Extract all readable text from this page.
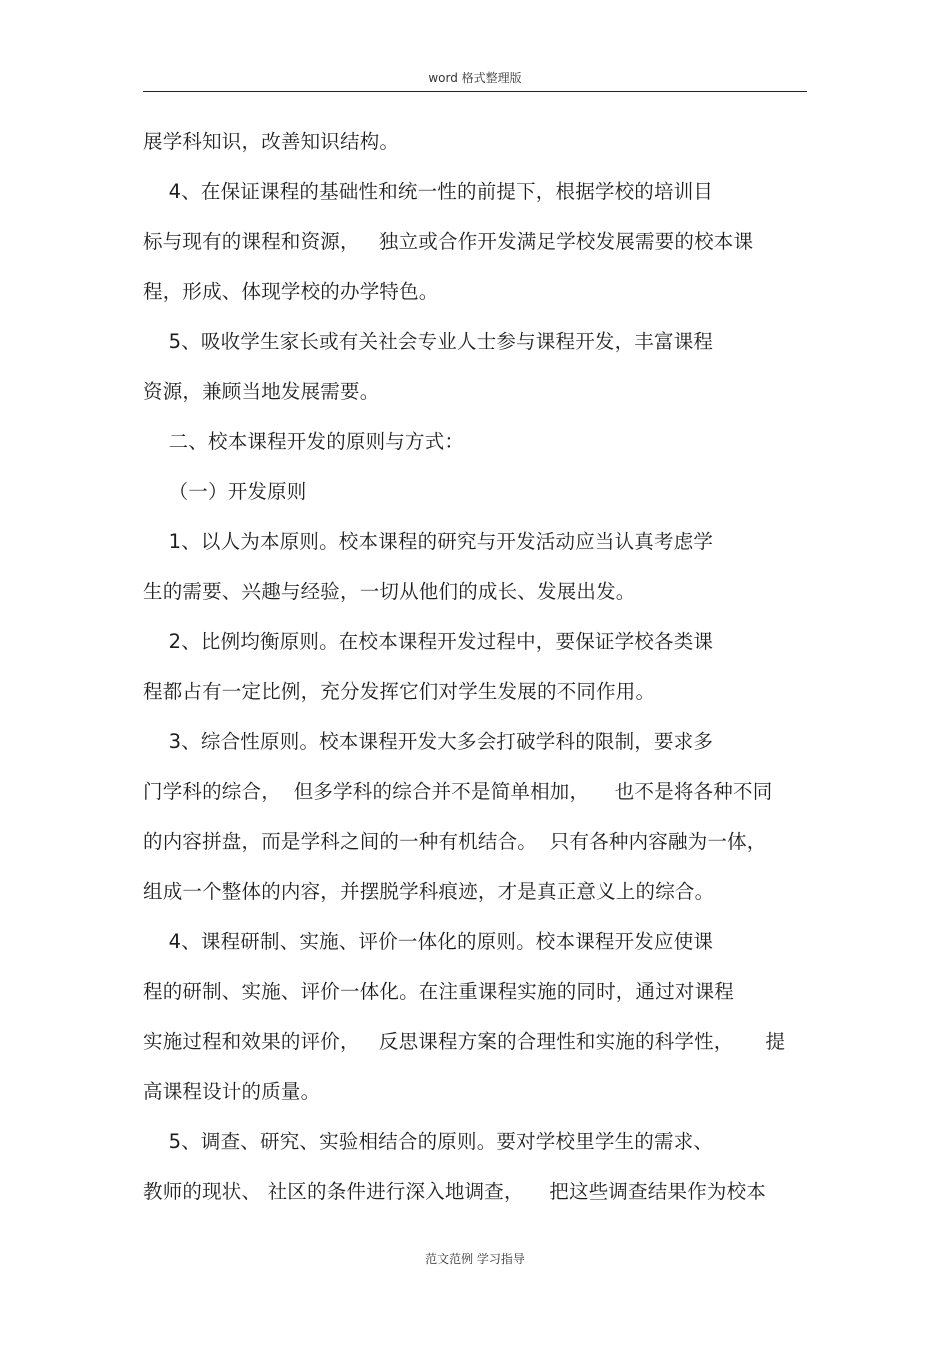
word 格式整理版
展学科知识，改善知识结构。
4、在保证课程的基础性和统一性的前提下，根据学校的培训目
标与现有的课程和资源，   独立或合作开发满足学校发展需要的校本课
程，形成、体现学校的办学特色。
5、吸收学生家长或有关社会专业人士参与课程开发，丰富课程
资源，兼顾当地发展需要。
二、校本课程开发的原则与方式：
（一）开发原则
1、以人为本原则。校本课程的研究与开发活动应当认真考虑学
生的需要、兴趣与经验，一切从他们的成长、发展出发。
2、比例均衡原则。在校本课程开发过程中，要保证学校各类课
程都占有一定比例，充分发挥它们对学生发展的不同作用。
3、综合性原则。校本课程开发大多会打破学科的限制，要求多
门学科的综合，  但多学科的综合并不是简单相加，    也不是将各种不同
的内容拼盘，而是学科之间的一种有机结合。  只有各种内容融为一体，
组成一个整体的内容，并摆脱学科痕迹，才是真正意义上的综合。
4、课程研制、实施、评价一体化的原则。校本课程开发应使课
程的研制、实施、评价一体化。在注重课程实施的同时，通过对课程
实施过程和效果的评价，   反思课程方案的合理性和实施的科学性，     提
高课程设计的质量。
5、调查、研究、实验相结合的原则。要对学校里学生的需求、
教师的现状、 社区的条件进行深入地调查，    把这些调查结果作为校本
范文范例 学习指导
